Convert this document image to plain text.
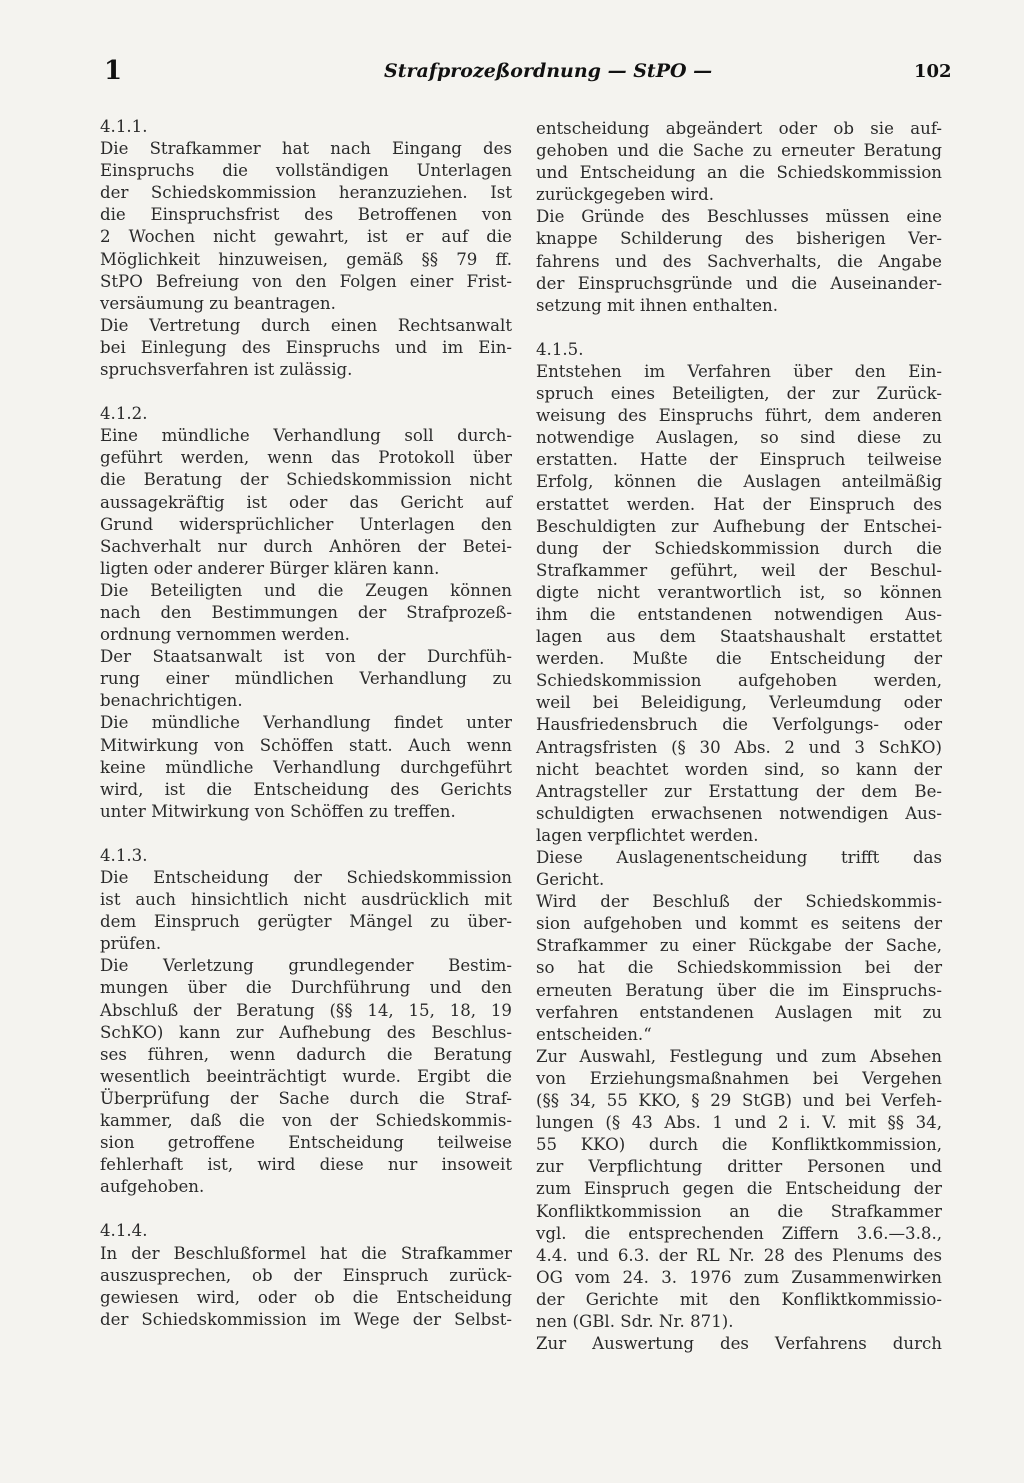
1	Strafprozeßordnung — StPO —	102
4.1.1.
Die Strafkammer hat nach Eingang des
Einspruchs die vollständigen Unterlagen
der Schiedskommission heranzuziehen. Ist
die Einspruchsfrist des Betroffenen von
2 Wochen nicht gewahrt, ist er auf die
Möglichkeit hinzuweisen, gemäß §§ 79 ff.
StPO Befreiung von den Folgen einer Frist-
versäumung zu beantragen.
Die Vertretung durch einen Rechtsanwalt
bei Einlegung des Einspruchs und im Ein-
spruchsverfahren ist zulässig.
4.1.2.
Eine mündliche Verhandlung soll durch-
geführt werden, wenn das Protokoll über
die Beratung der Schiedskommission nicht
aussagekräftig ist oder das Gericht auf
Grund widersprüchlicher Unterlagen den
Sachverhalt nur durch Anhören der Betei-
ligten oder anderer Bürger klären kann.
Die Beteiligten und die Zeugen können
nach den Bestimmungen der Strafprozeß-
ordnung vernommen werden.
Der Staatsanwalt ist von der Durchfüh-
rung einer mündlichen Verhandlung zu
benachrichtigen.
Die mündliche Verhandlung findet unter
Mitwirkung von Schöffen statt. Auch wenn
keine mündliche Verhandlung durchgeführt
wird, ist die Entscheidung des Gerichts
unter Mitwirkung von Schöffen zu treffen.
4.1.3.
Die Entscheidung der Schiedskommission
ist auch hinsichtlich nicht ausdrücklich mit
dem Einspruch gerügter Mängel zu über-
prüfen.
Die Verletzung grundlegender Bestim-
mungen über die Durchführung und den
Abschluß der Beratung (§§ 14, 15, 18, 19
SchKO) kann zur Aufhebung des Beschlus-
ses führen, wenn dadurch die Beratung
wesentlich beeinträchtigt wurde. Ergibt die
Überprüfung der Sache durch die Straf-
kammer, daß die von der Schiedskommis-
sion getroffene Entscheidung teilweise
fehlerhaft ist, wird diese nur insoweit
aufgehoben.
4.1.4.
In der Beschlußformel hat die Strafkammer
auszusprechen, ob der Einspruch zurück-
gewiesen wird, oder ob die Entscheidung
der Schiedskommission im Wege der Selbst-
entscheidung abgeändert oder ob sie auf-
gehoben und die Sache zu erneuter Beratung
und Entscheidung an die Schiedskommission
zurückgegeben wird.
Die Gründe des Beschlusses müssen eine
knappe Schilderung des bisherigen Ver-
fahrens und des Sachverhalts, die Angabe
der Einspruchsgründe und die Auseinander-
setzung mit ihnen enthalten.
4.1.5.
Entstehen im Verfahren über den Ein-
spruch eines Beteiligten, der zur Zurück-
weisung des Einspruchs führt, dem anderen
notwendige Auslagen, so sind diese zu
erstatten. Hatte der Einspruch teilweise
Erfolg, können die Auslagen anteilmäßig
erstattet werden. Hat der Einspruch des
Beschuldigten zur Aufhebung der Entschei-
dung der Schiedskommission durch die
Strafkammer geführt, weil der Beschul-
digte nicht verantwortlich ist, so können
ihm die entstandenen notwendigen Aus-
lagen aus dem Staatshaushalt erstattet
werden. Mußte die Entscheidung der
Schiedskommission aufgehoben werden,
weil bei Beleidigung, Verleumdung oder
Hausfriedensbruch die Verfolgungs- oder
Antragsfristen (§ 30 Abs. 2 und 3 SchKO)
nicht beachtet worden sind, so kann der
Antragsteller zur Erstattung der dem Be-
schuldigten erwachsenen notwendigen Aus-
lagen verpflichtet werden.
Diese Auslagenentscheidung trifft das
Gericht.
Wird der Beschluß der Schiedskommis-
sion aufgehoben und kommt es seitens der
Strafkammer zu einer Rückgabe der Sache,
so hat die Schiedskommission bei der
erneuten Beratung über die im Einspruchs-
verfahren entstandenen Auslagen mit zu
entscheiden.“
Zur Auswahl, Festlegung und zum Absehen
von Erziehungsmaßnahmen bei Vergehen
(§§ 34, 55 KKO, § 29 StGB) und bei Verfeh-
lungen (§ 43 Abs. 1 und 2 i. V. mit §§ 34,
55 KKO) durch die Konfliktkommission,
zur Verpflichtung dritter Personen und
zum Einspruch gegen die Entscheidung der
Konfliktkommission an die Strafkammer
vgl. die entsprechenden Ziffern 3.6.—3.8.,
4.4. und 6.3. der RL Nr. 28 des Plenums des
OG vom 24. 3. 1976 zum Zusammenwirken
der Gerichte mit den Konfliktkommissio-
nen (GBl. Sdr. Nr. 871).
Zur Auswertung des Verfahrens durch
